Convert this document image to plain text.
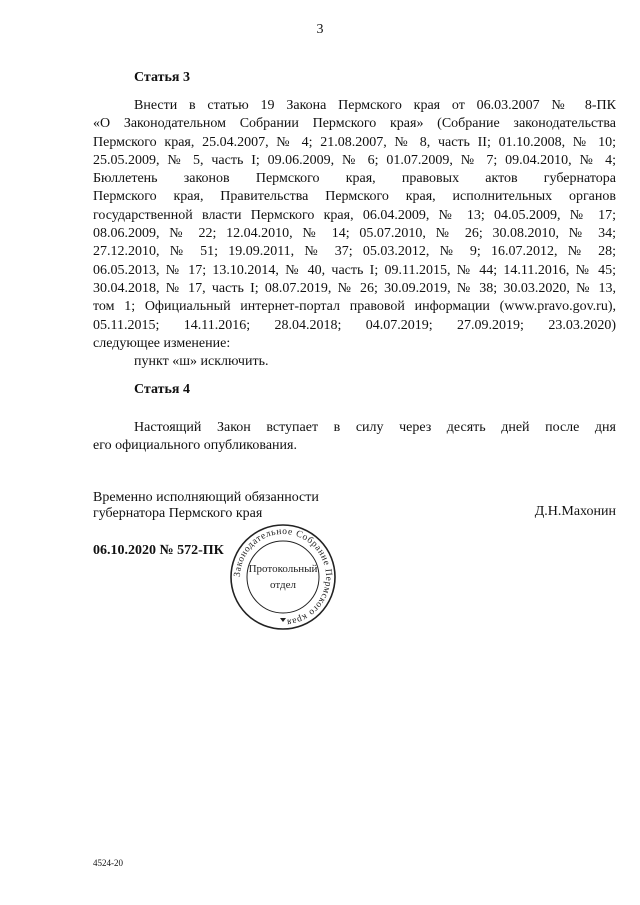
3
Статья 3
Внести в статью 19 Закона Пермского края от 06.03.2007 № 8-ПК
«О Законодательном Собрании Пермского края» (Собрание законодательства
Пермского края, 25.04.2007, № 4; 21.08.2007, № 8, часть II; 01.10.2008, № 10;
25.05.2009, № 5, часть I; 09.06.2009, № 6; 01.07.2009, № 7; 09.04.2010, № 4;
Бюллетень законов Пермского края, правовых актов губернатора
Пермского края, Правительства Пермского края, исполнительных органов
государственной власти Пермского края, 06.04.2009, № 13; 04.05.2009, № 17;
08.06.2009, № 22; 12.04.2010, № 14; 05.07.2010, № 26; 30.08.2010, № 34;
27.12.2010, № 51; 19.09.2011, № 37; 05.03.2012, № 9; 16.07.2012, № 28;
06.05.2013, № 17; 13.10.2014, № 40, часть I; 09.11.2015, № 44; 14.11.2016, № 45;
30.04.2018, № 17, часть I; 08.07.2019, № 26; 30.09.2019, № 38; 30.03.2020, № 13,
том 1; Официальный интернет-портал правовой информации (www.pravo.gov.ru),
05.11.2015; 14.11.2016; 28.04.2018; 04.07.2019; 27.09.2019; 23.03.2020)
следующее изменение:
пункт «ш» исключить.
Статья 4
Настоящий Закон вступает в силу через десять дней после дня
его официального опубликования.
Временно исполняющий обязанности
губернатора Пермского края	Д.Н.Махонин
06.10.2020 № 572-ПК
Законодательное Собрание Пермского края
Протокольный
отдел
4524-20
